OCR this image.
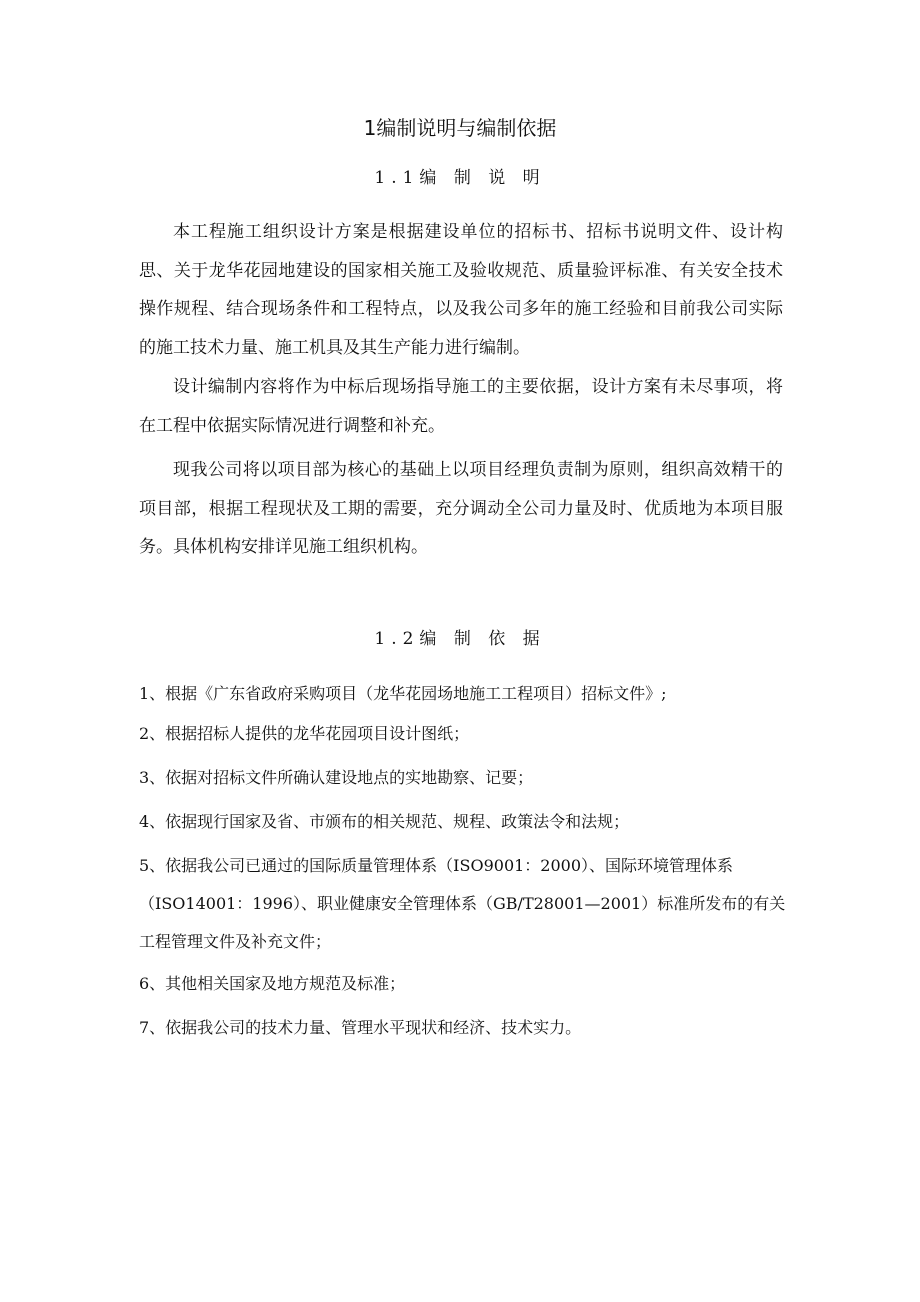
1编制说明与编制依据
1.1编 制 说 明

本工程施工组织设计方案是根据建设单位的招标书、招标书说明文件、设计构思、关于龙华花园地建设的国家相关施工及验收规范、质量验评标准、有关安全技术操作规程、结合现场条件和工程特点，以及我公司多年的施工经验和目前我公司实际的施工技术力量、施工机具及其生产能力进行编制。

设计编制内容将作为中标后现场指导施工的主要依据，设计方案有未尽事项，将在工程中依据实际情况进行调整和补充。

现我公司将以项目部为核心的基础上以项目经理负责制为原则，组织高效精干的项目部，根据工程现状及工期的需要，充分调动全公司力量及时、优质地为本项目服务。具体机构安排详见施工组织机构。

1.2编 制 依 据
1、根据《广东省政府采购项目（龙华花园场地施工工程项目）招标文件》;
2、根据招标人提供的龙华花园项目设计图纸；
3、依据对招标文件所确认建设地点的实地勘察、记要；
4、依据现行国家及省、市颁布的相关规范、规程、政策法令和法规；
5、依据我公司已通过的国际质量管理体系（ISO9001：2000）、国际环境管理体系（ISO14001：1996）、职业健康安全管理体系（GB/T28001—2001）标准所发布的有关工程管理文件及补充文件；
6、其他相关国家及地方规范及标准；
7、依据我公司的技术力量、管理水平现状和经济、技术实力。
